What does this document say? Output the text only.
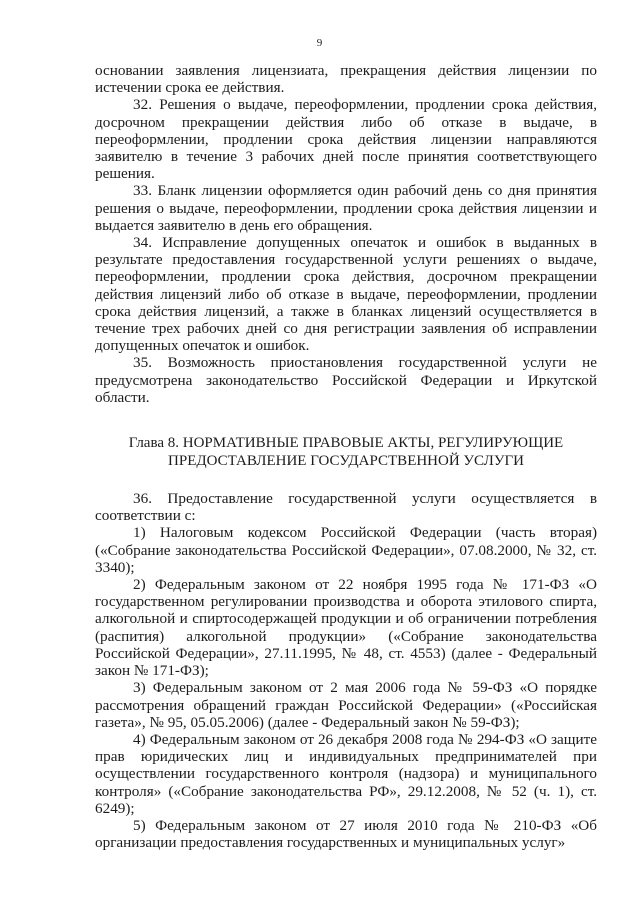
9

основании заявления лицензиата, прекращения действия лицензии по истечении срока ее действия.

32. Решения о выдаче, переоформлении, продлении срока действия, досрочном прекращении действия либо об отказе в выдаче, в переоформлении, продлении срока действия лицензии направляются заявителю в течение 3 рабочих дней после принятия соответствующего решения.

33. Бланк лицензии оформляется один рабочий день со дня принятия решения о выдаче, переоформлении, продлении срока действия лицензии и выдается заявителю в день его обращения.

34. Исправление допущенных опечаток и ошибок в выданных в результате предоставления государственной услуги решениях о выдаче, переоформлении, продлении срока действия, досрочном прекращении действия лицензий либо об отказе в выдаче, переоформлении, продлении срока действия лицензий, а также в бланках лицензий осуществляется в течение трех рабочих дней со дня регистрации заявления об исправлении допущенных опечаток и ошибок.

35. Возможность приостановления государственной услуги не предусмотрена законодательство Российской Федерации и Иркутской области.

Глава 8. НОРМАТИВНЫЕ ПРАВОВЫЕ АКТЫ, РЕГУЛИРУЮЩИЕ
ПРЕДОСТАВЛЕНИЕ ГОСУДАРСТВЕННОЙ УСЛУГИ

36. Предоставление государственной услуги осуществляется в соответствии с:

1) Налоговым кодексом Российской Федерации (часть вторая) («Собрание законодательства Российской Федерации», 07.08.2000, № 32, ст. 3340);

2) Федеральным законом от 22 ноября 1995 года № 171-ФЗ «О государственном регулировании производства и оборота этилового спирта, алкогольной и спиртосодержащей продукции и об ограничении потребления (распития) алкогольной продукции» («Собрание законодательства Российской Федерации», 27.11.1995, № 48, ст. 4553) (далее - Федеральный закон № 171-ФЗ);

3) Федеральным законом от 2 мая 2006 года № 59-ФЗ «О порядке рассмотрения обращений граждан Российской Федерации» («Российская газета», № 95, 05.05.2006) (далее - Федеральный закон № 59-ФЗ);

4) Федеральным законом от 26 декабря 2008 года № 294-ФЗ «О защите прав юридических лиц и индивидуальных предпринимателей при осуществлении государственного контроля (надзора) и муниципального контроля» («Собрание законодательства РФ», 29.12.2008, № 52 (ч. 1), ст. 6249);

5) Федеральным законом от 27 июля 2010 года № 210-ФЗ «Об организации предоставления государственных и муниципальных услуг»
